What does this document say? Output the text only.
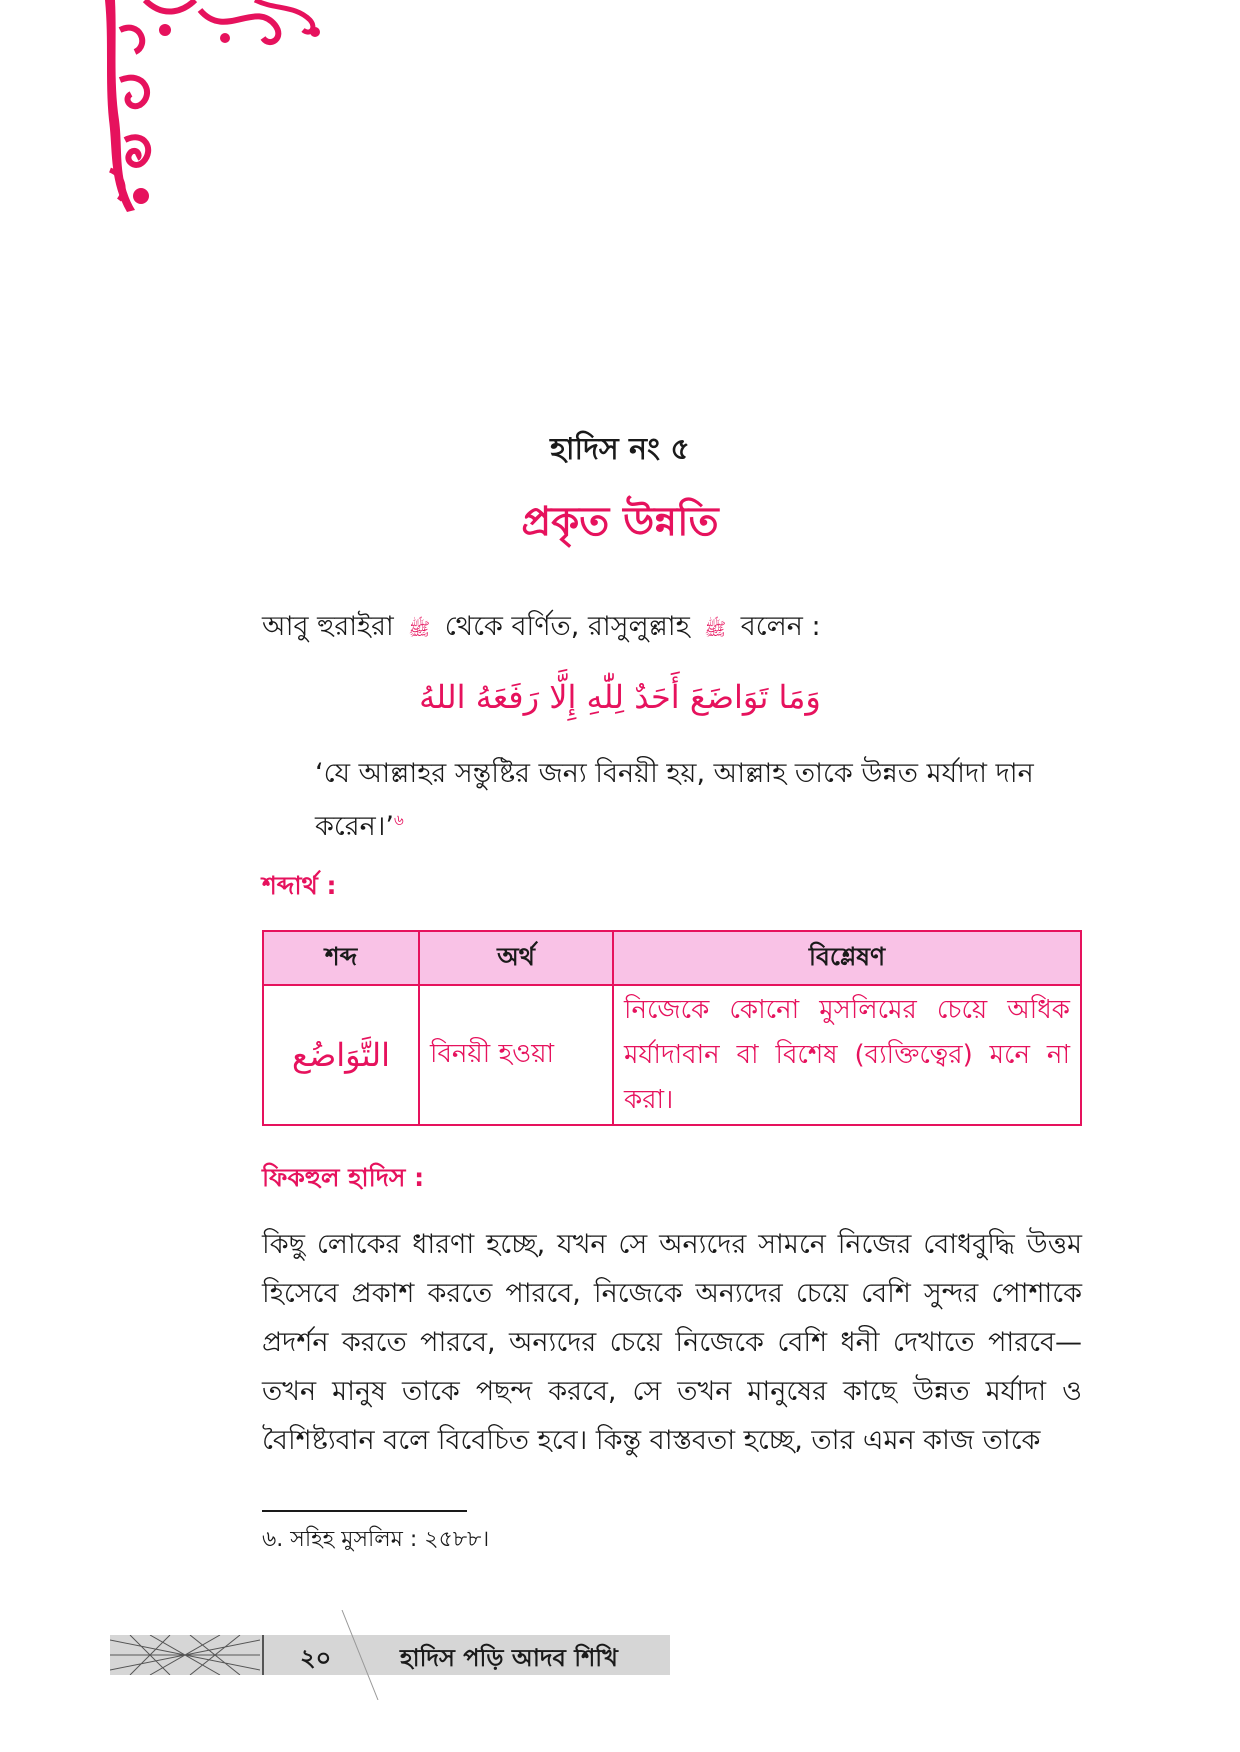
হাদিস নং ৫
প্রকৃত উন্নতি
আবু হুরাইরা ﷺ থেকে বর্ণিত, রাসুলুল্লাহ ﷺ বলেন :
وَمَا تَوَاضَعَ أَحَدٌ لِلّٰهِ إِلَّا رَفَعَهُ اللهُ
‘যে আল্লাহর সন্তুষ্টির জন্য বিনয়ী হয়, আল্লাহ তাকে উন্নত মর্যাদা দান করেন।’$^৬$
শব্দার্থ :
শব্দ	অর্থ	বিশ্লেষণ
التَّوَاضُع	বিনয়ী হওয়া	নিজেকে কোনো মুসলিমের চেয়ে অধিক মর্যাদাবান বা বিশেষ (ব্যক্তিত্বের) মনে না করা।
ফিকহুল হাদিস :
কিছু লোকের ধারণা হচ্ছে, যখন সে অন্যদের সামনে নিজের বোধবুদ্ধি উত্তম হিসেবে প্রকাশ করতে পারবে, নিজেকে অন্যদের চেয়ে বেশি সুন্দর পোশাকে প্রদর্শন করতে পারবে, অন্যদের চেয়ে নিজেকে বেশি ধনী দেখাতে পারবে—তখন মানুষ তাকে পছন্দ করবে, সে তখন মানুষের কাছে উন্নত মর্যাদা ও বৈশিষ্ট্যবান বলে বিবেচিত হবে। কিন্তু বাস্তবতা হচ্ছে, তার এমন কাজ তাকে
৬. সহিহ মুসলিম : ২৫৮৮।
২০	হাদিস পড়ি আদব শিখি
